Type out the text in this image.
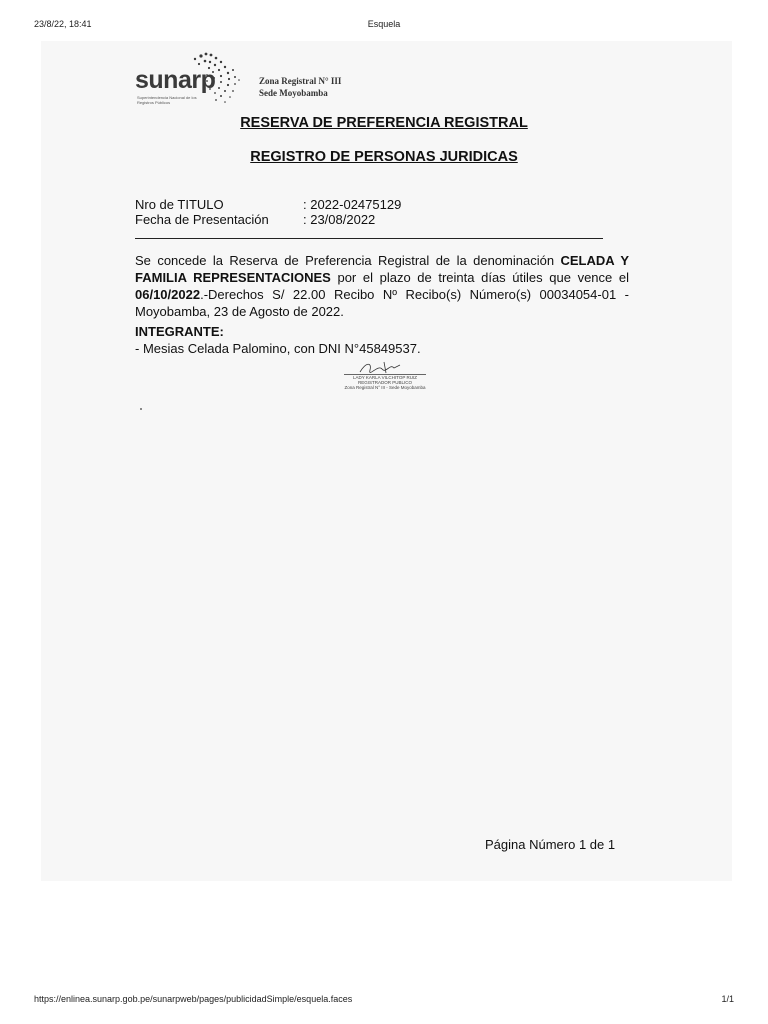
23/8/22, 18:41	Esquela
sunarp
Superintendencia Nacional de los Registros Públicos
Zona Registral N° III
Sede Moyobamba
RESERVA DE PREFERENCIA REGISTRAL
REGISTRO DE PERSONAS JURIDICAS
Nro de TITULO	: 2022-02475129
Fecha de Presentación	: 23/08/2022
Se concede la Reserva de Preferencia Registral de la denominación CELADA Y FAMILIA REPRESENTACIONES por el plazo de treinta días útiles que vence el 06/10/2022.-Derechos S/ 22.00 Recibo Nº Recibo(s) Número(s) 00034054-01 - Moyobamba, 23 de Agosto de 2022.
INTEGRANTE:
- Mesias Celada Palomino, con DNI N°45849537.
LADY KARLA VILCHITOP RUIZ
REGISTRADOR PUBLICO
Zona Registral N° III - Sede Moyobamba
Página Número 1 de 1
https://enlinea.sunarp.gob.pe/sunarpweb/pages/publicidadSimple/esquela.faces	1/1
